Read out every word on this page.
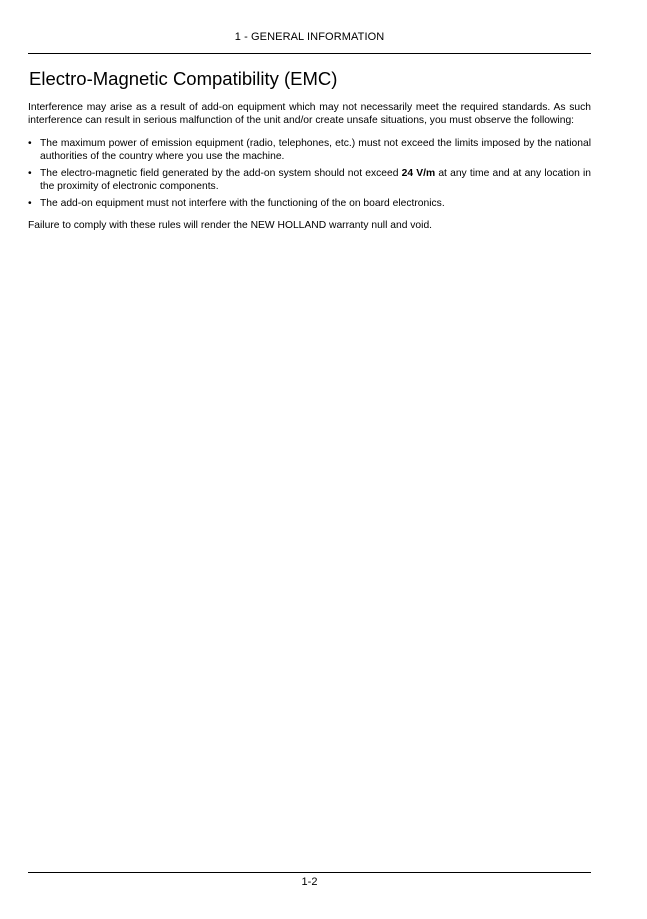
1 - GENERAL INFORMATION
Electro-Magnetic Compatibility (EMC)

Interference may arise as a result of add-on equipment which may not necessarily meet the required standards. As such interference can result in serious malfunction of the unit and/or create unsafe situations, you must observe the following:

• The maximum power of emission equipment (radio, telephones, etc.) must not exceed the limits imposed by the national authorities of the country where you use the machine.
• The electro-magnetic field generated by the add-on system should not exceed 24 V/m at any time and at any location in the proximity of electronic components.
• The add-on equipment must not interfere with the functioning of the on board electronics.

Failure to comply with these rules will render the NEW HOLLAND warranty null and void.

1-2
